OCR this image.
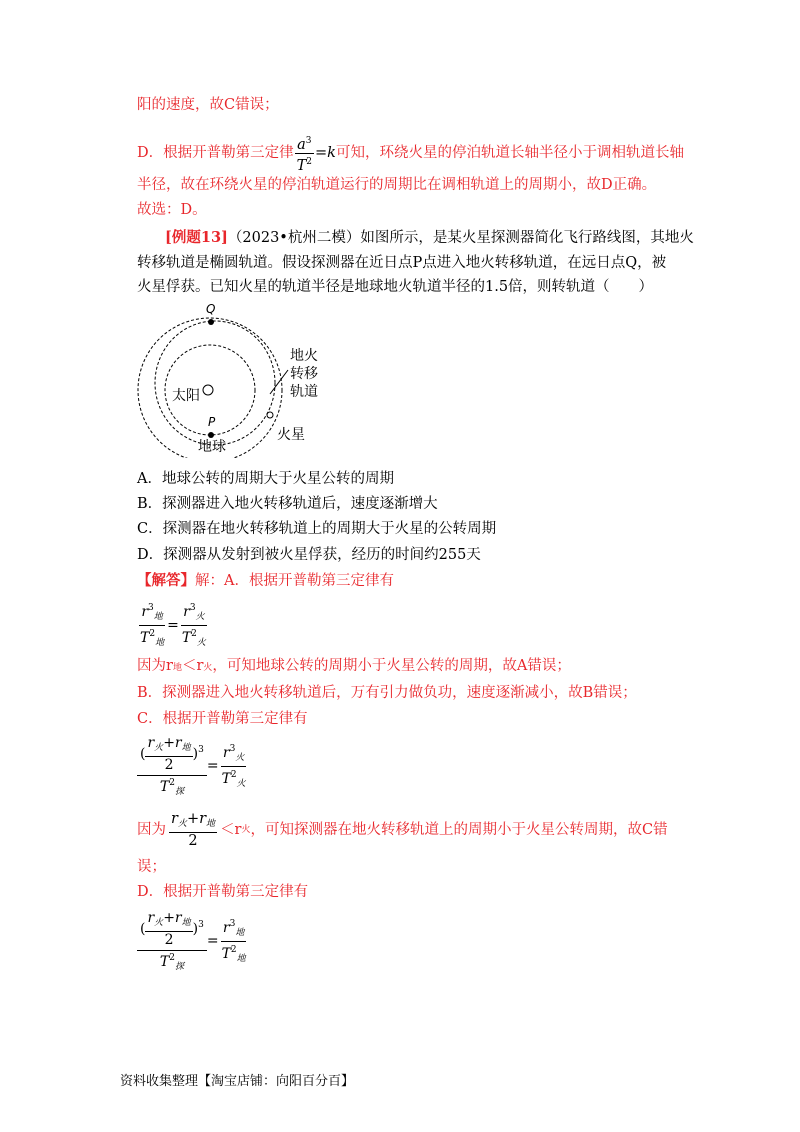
阳的速度，故C错误；
D．根据开普勒第三定律 $\frac{a^3}{T^2} =k$ 可知，环绕火星的停泊轨道长轴半径小于调相轨道长轴
半径，故在环绕火星的停泊轨道运行的周期比在调相轨道上的周期小，故D正确。
故选：D。
[例题13]（2023•杭州二模）如图所示，是某火星探测器简化飞行路线图，其地火
转移轨道是椭圆轨道。假设探测器在近日点P点进入地火转移轨道，在远日点Q，被
火星俘获。已知火星的轨道半径是地球地火轨道半径的1.5倍，则转轨道（　　）
Q
P
太阳
地球
火星
地火
转移
轨道
A．地球公转的周期大于火星公转的周期
B．探测器进入地火转移轨道后，速度逐渐增大
C．探测器在地火转移轨道上的周期大于火星的公转周期
D．探测器从发射到被火星俘获，经历的时间约255天
【解答】解：A．根据开普勒第三定律有
$\frac{r^3_地}{T^2_地} = \frac{r^3_火}{T^2_火}$
因为r地＜r火，可知地球公转的周期小于火星公转的周期，故A错误；
B．探测器进入地火转移轨道后，万有引力做负功，速度逐渐减小，故B错误；
C．根据开普勒第三定律有
$\frac{( \frac{r_火+r_地}{2} )^3}{T^2_探} = \frac{r^3_火}{T^2_火}$
因为 $\frac{r_火+r_地}{2} <r$ 火 ，可知探测器在地火转移轨道上的周期小于火星公转周期，故C错
误；
D．根据开普勒第三定律有
$\frac{( \frac{r_火+r_地}{2} )^3}{T^2_探} = \frac{r^3_地}{T^2_地}$
资料收集整理【淘宝店铺：向阳百分百】
